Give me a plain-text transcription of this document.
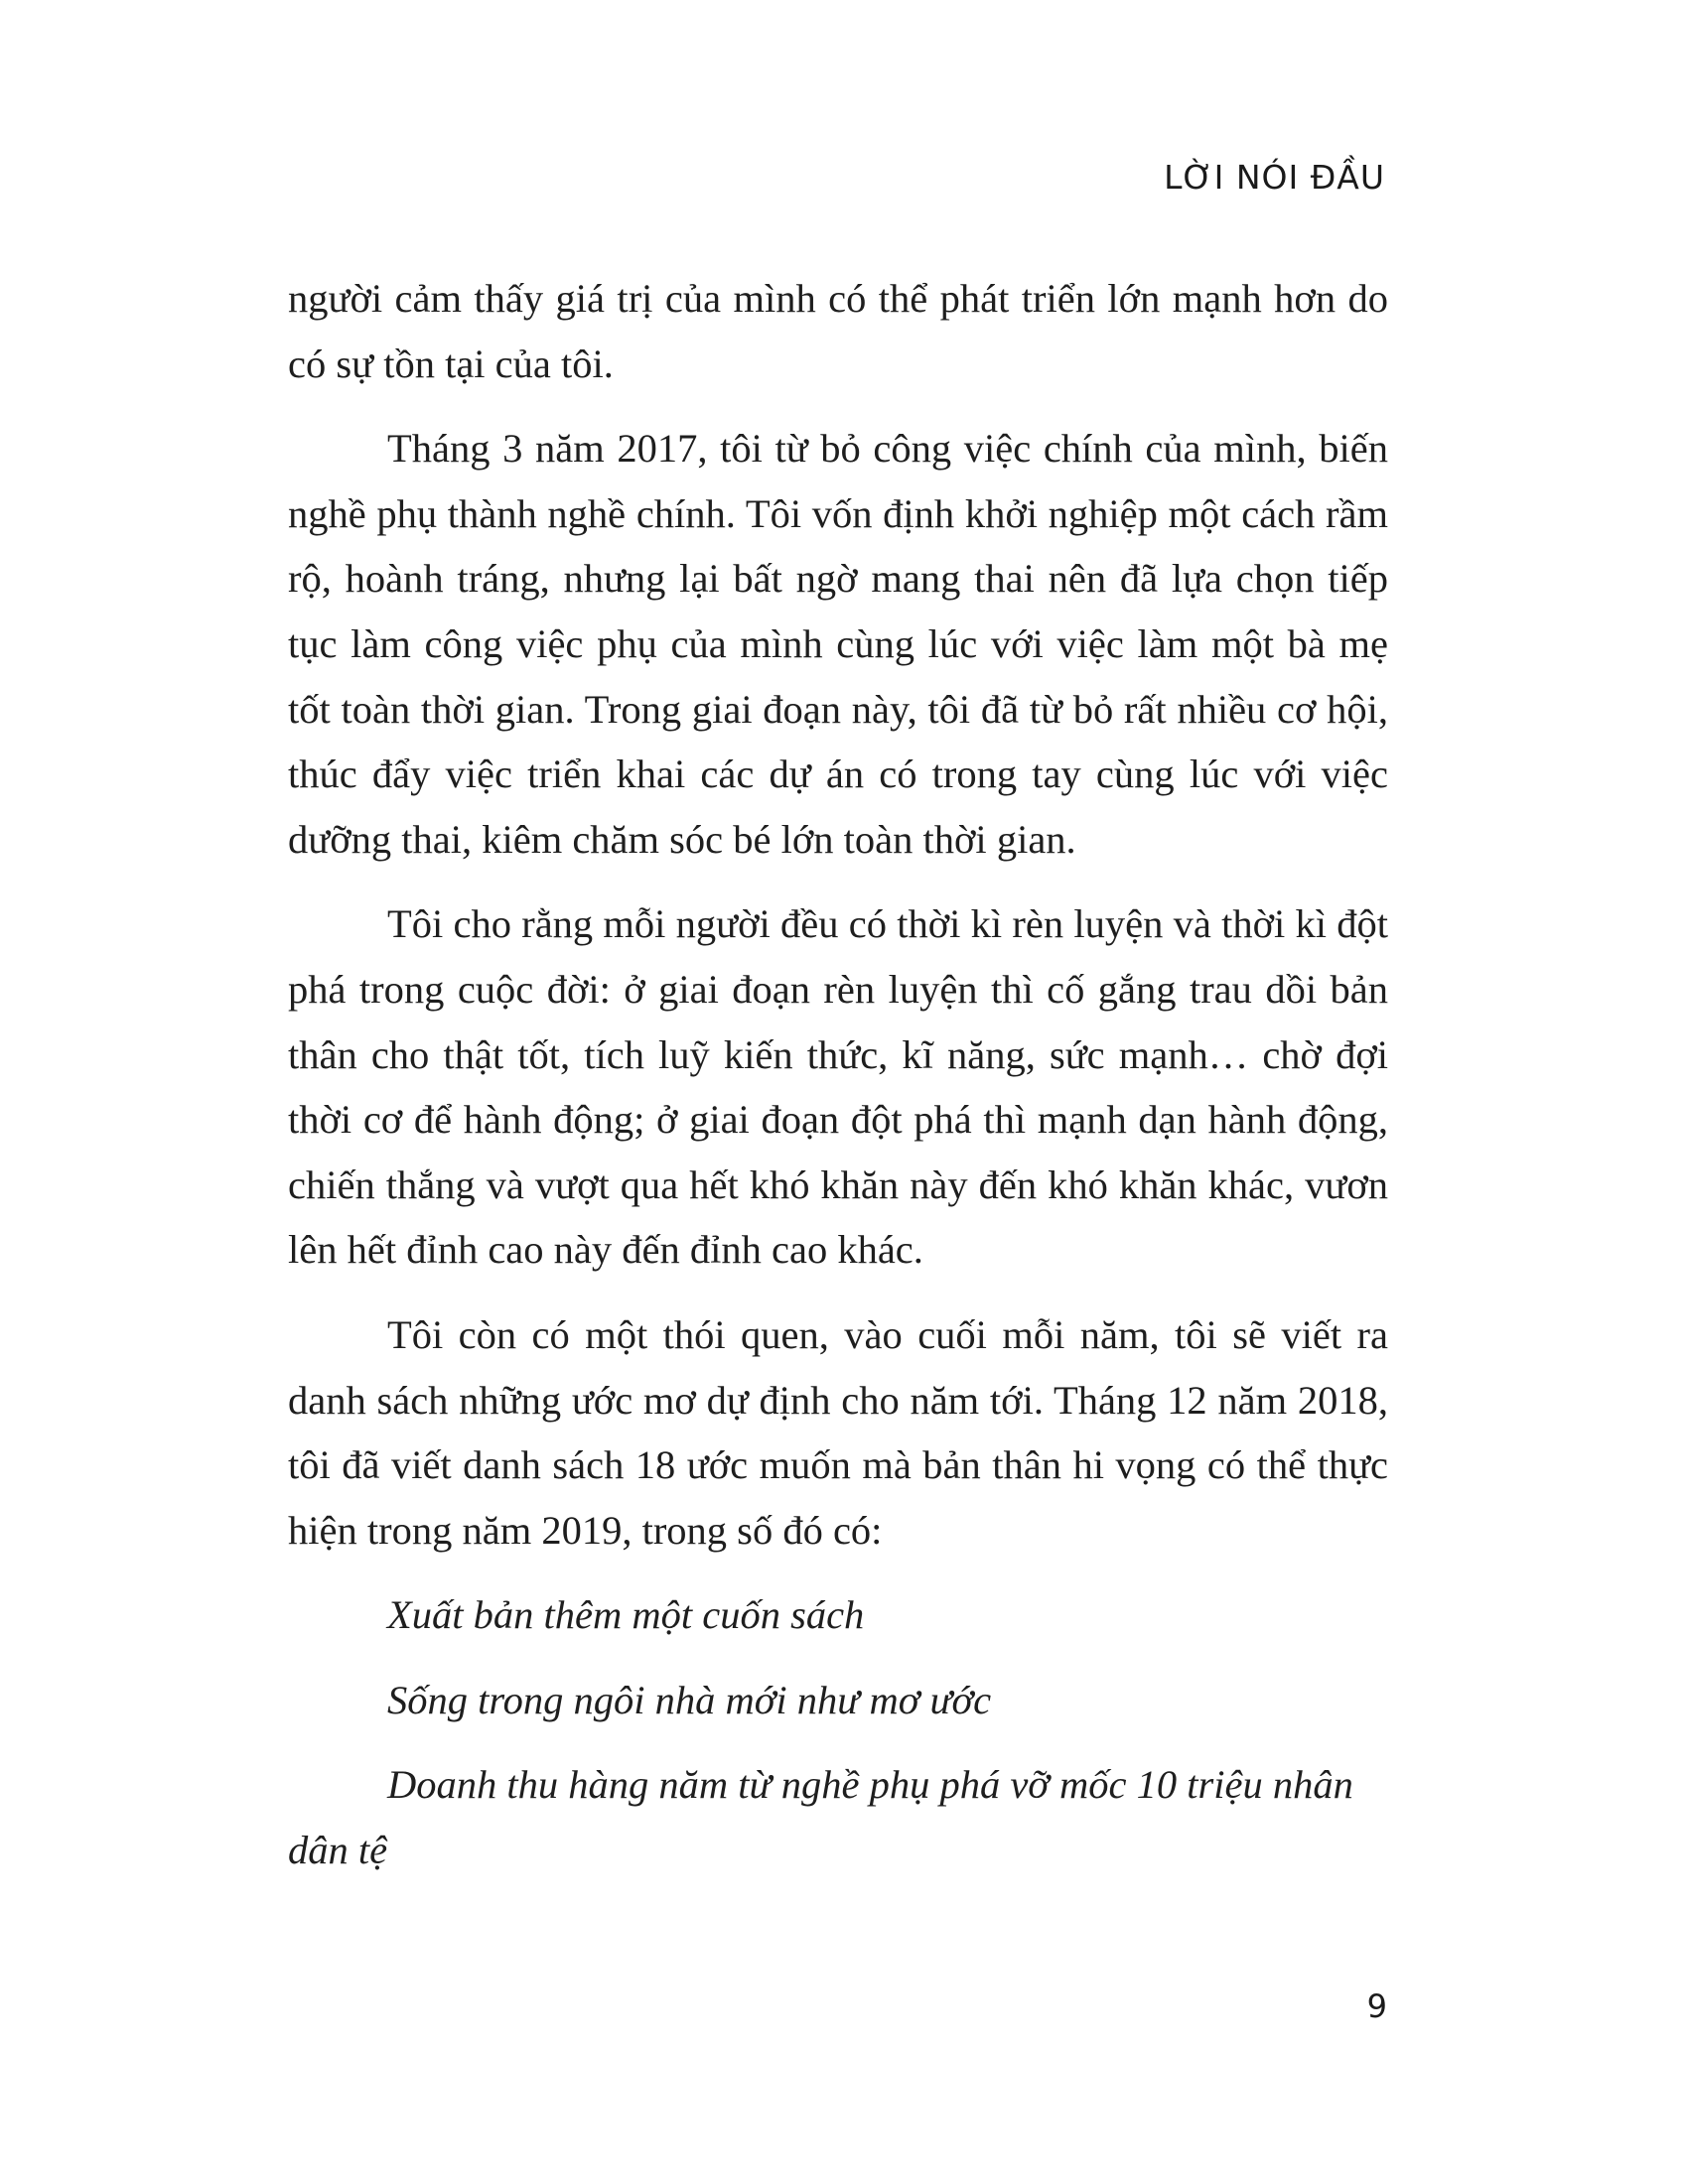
LỜI NÓI ĐẦU

người cảm thấy giá trị của mình có thể phát triển lớn mạnh hơn do có sự tồn tại của tôi.

Tháng 3 năm 2017, tôi từ bỏ công việc chính của mình, biến nghề phụ thành nghề chính. Tôi vốn định khởi nghiệp một cách rầm rộ, hoành tráng, nhưng lại bất ngờ mang thai nên đã lựa chọn tiếp tục làm công việc phụ của mình cùng lúc với việc làm một bà mẹ tốt toàn thời gian. Trong giai đoạn này, tôi đã từ bỏ rất nhiều cơ hội, thúc đẩy việc triển khai các dự án có trong tay cùng lúc với việc dưỡng thai, kiêm chăm sóc bé lớn toàn thời gian.

Tôi cho rằng mỗi người đều có thời kì rèn luyện và thời kì đột phá trong cuộc đời: ở giai đoạn rèn luyện thì cố gắng trau dồi bản thân cho thật tốt, tích luỹ kiến thức, kĩ năng, sức mạnh… chờ đợi thời cơ để hành động; ở giai đoạn đột phá thì mạnh dạn hành động, chiến thắng và vượt qua hết khó khăn này đến khó khăn khác, vươn lên hết đỉnh cao này đến đỉnh cao khác.

Tôi còn có một thói quen, vào cuối mỗi năm, tôi sẽ viết ra danh sách những ước mơ dự định cho năm tới. Tháng 12 năm 2018, tôi đã viết danh sách 18 ước muốn mà bản thân hi vọng có thể thực hiện trong năm 2019, trong số đó có:

Xuất bản thêm một cuốn sách

Sống trong ngôi nhà mới như mơ ước

Doanh thu hàng năm từ nghề phụ phá vỡ mốc 10 triệu nhân dân tệ

9
